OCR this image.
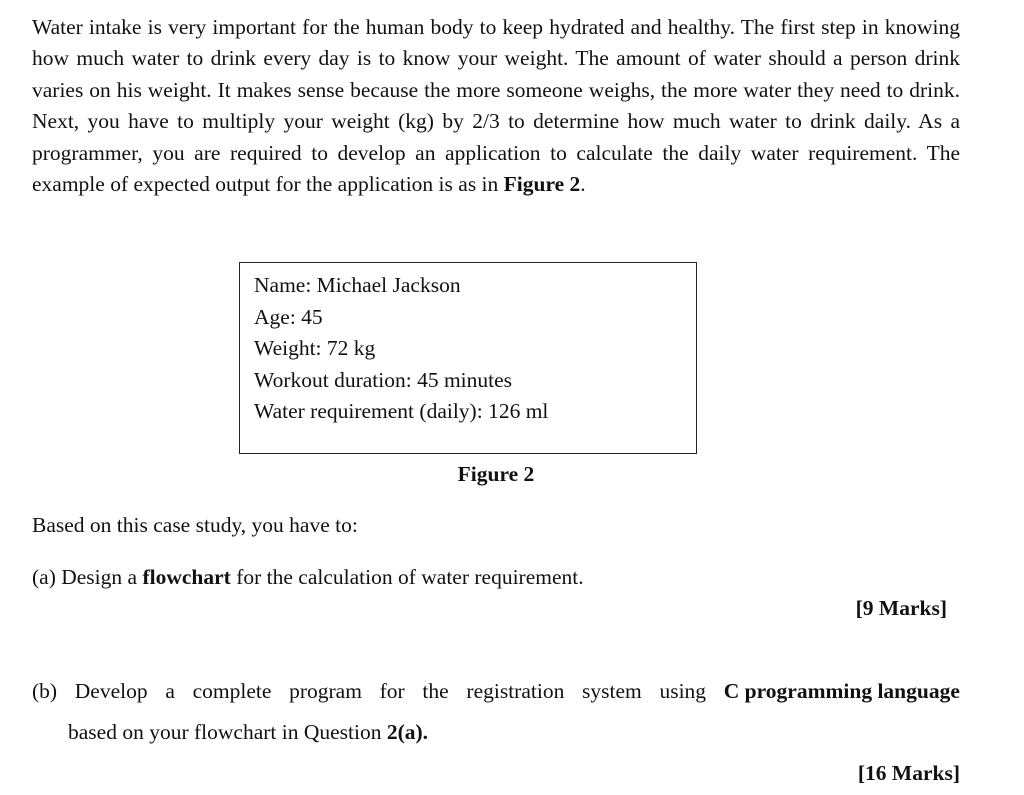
Water intake is very important for the human body to keep hydrated and healthy. The first step in knowing how much water to drink every day is to know your weight. The amount of water should a person drink varies on his weight. It makes sense because the more someone weighs, the more water they need to drink. Next, you have to multiply your weight (kg) by 2/3 to determine how much water to drink daily. As a programmer, you are required to develop an application to calculate the daily water requirement. The example of expected output for the application is as in Figure 2.

Name: Michael Jackson
Age: 45
Weight: 72 kg
Workout duration: 45 minutes
Water requirement (daily): 126 ml
Figure 2

Based on this case study, you have to:

(a) Design a flowchart for the calculation of water requirement.
[9 Marks]
(b) Develop a complete program for the registration system using C programming language
based on your flowchart in Question 2(a).
[16 Marks]
